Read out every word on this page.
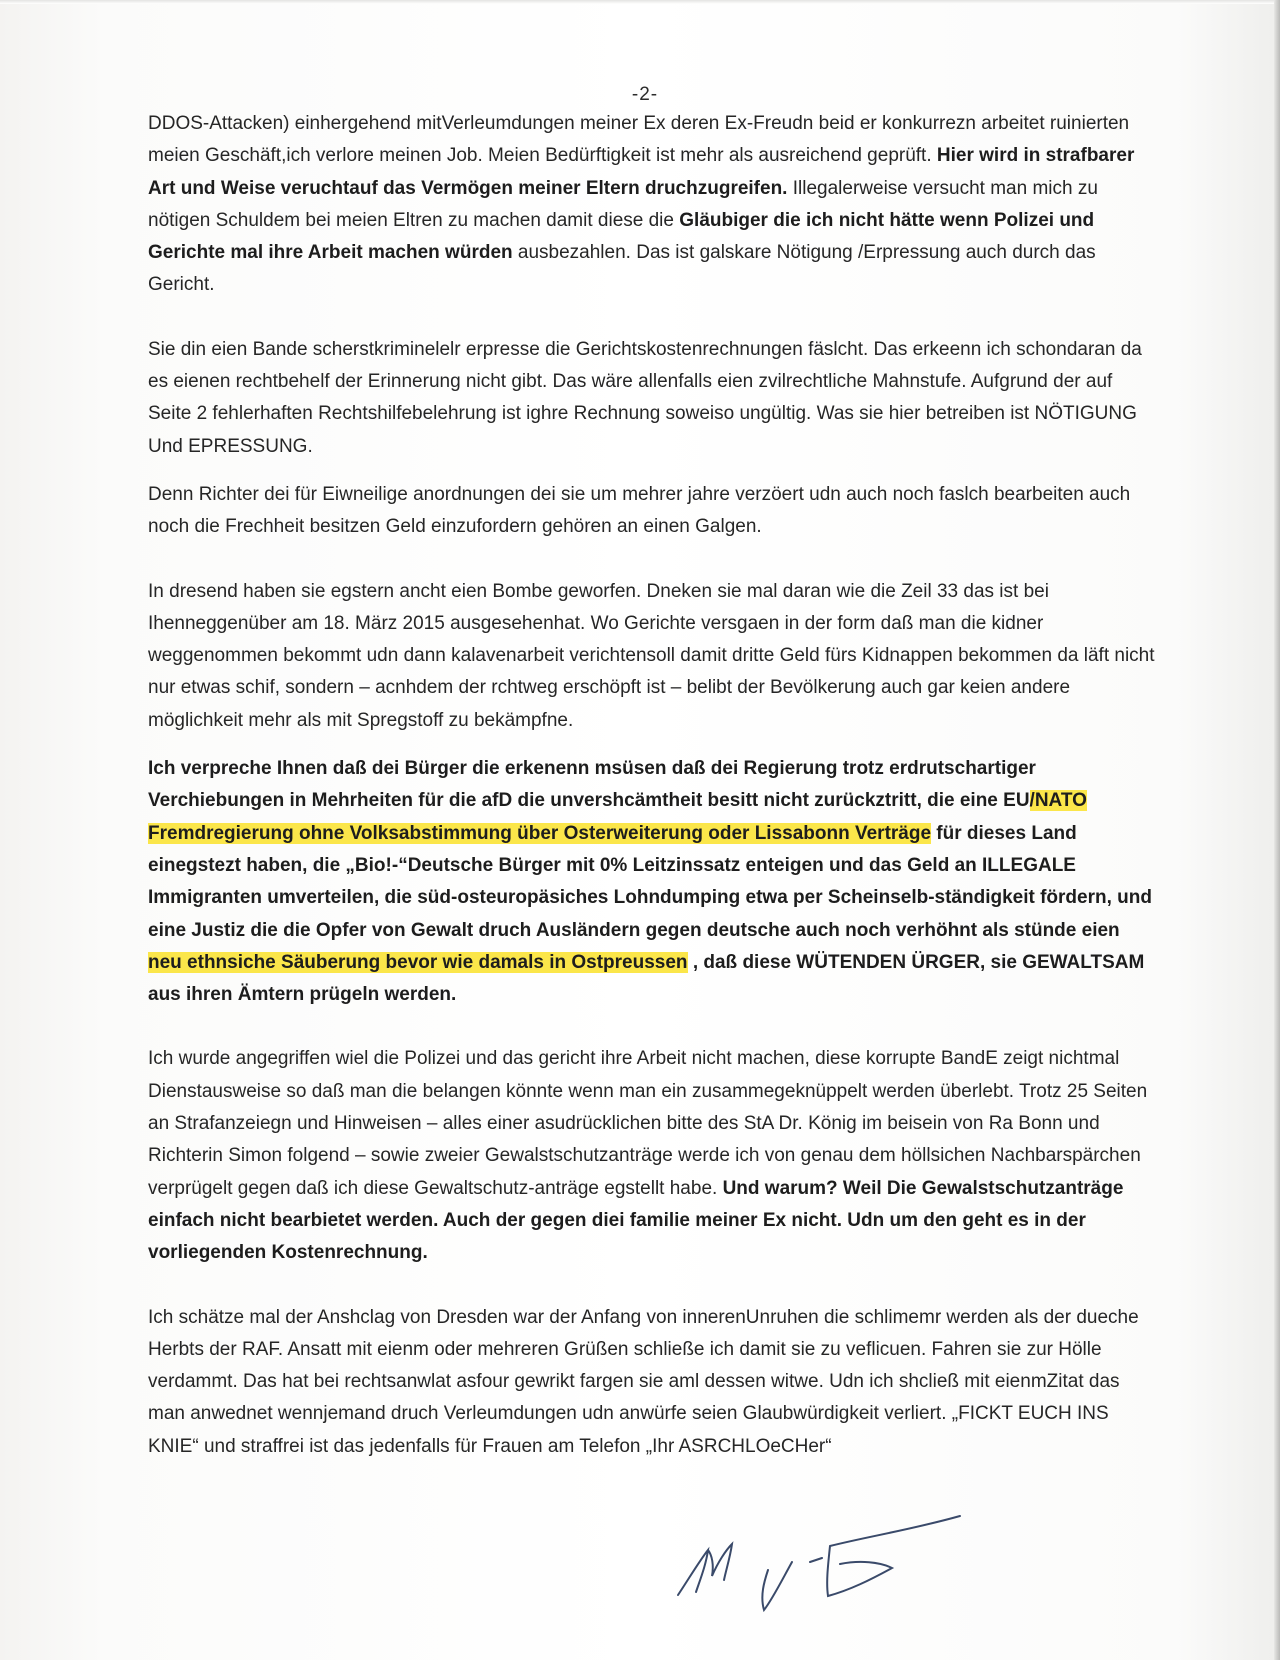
-2-

DDOS-Attacken) einhergehend mitVerleumdungen meiner Ex deren Ex-Freudn beid er konkurrezn arbeitet ruinierten meien Geschäft,ich verlore meinen Job. Meien Bedürftigkeit ist mehr als ausreichend geprüft. Hier wird in strafbarer Art und Weise veruchtauf das Vermögen meiner Eltern druchzugreifen. Illegalerweise versucht man mich zu nötigen Schuldem bei meien Eltren zu machen damit diese die Gläubiger die ich nicht hätte wenn Polizei und Gerichte mal ihre Arbeit machen würden ausbezahlen. Das ist galskare Nötigung /Erpressung auch durch das Gericht.

Sie din eien Bande scherstkriminelelr erpresse die Gerichtskostenrechnungen fäslcht. Das erkeenn ich schondaran da es eienen rechtbehelf der Erinnerung nicht gibt. Das wäre allenfalls eien zvilrechtliche Mahnstufe. Aufgrund der auf Seite 2 fehlerhaften Rechtshilfebelehrung ist ighre Rechnung soweiso ungültig. Was sie hier betreiben ist NÖTIGUNG Und EPRESSUNG.

Denn Richter dei für Eiwneilige anordnungen dei sie um mehrer jahre verzöert udn auch noch faslch bearbeiten auch noch die Frechheit besitzen Geld einzufordern gehören an einen Galgen.

In dresend haben sie egstern ancht eien Bombe geworfen. Dneken sie mal daran wie die Zeil 33 das ist bei Ihenneggenüber am 18. März 2015 ausgesehenhat. Wo Gerichte versgaen in der form daß man die kidner weggenommen bekommt udn dann kalavenarbeit verichtensoll damit dritte Geld fürs Kidnappen bekommen da läft nicht nur etwas schif, sondern – acnhdem der rchtweg erschöpft ist – belibt der Bevölkerung auch gar keien andere möglichkeit mehr als mit Spregstoff zu bekämpfne.

Ich verpreche Ihnen daß dei Bürger die erkenenn msüsen daß dei Regierung trotz erdrutschartiger Verchiebungen in Mehrheiten für die afD die unvershcämtheit besitt nicht zurückztritt, die eine EU/NATO Fremdregierung ohne Volksabstimmung über Osterweiterung oder Lissabonn Verträge für dieses Land einegstezt haben, die „Bio!-“Deutsche Bürger mit 0% Leitzinssatz enteigen und das Geld an ILLEGALE Immigranten umverteilen, die süd-osteuropäsiches Lohndumping etwa per Scheinselb-ständigkeit fördern, und eine Justiz die die Opfer von Gewalt druch Ausländern gegen deutsche auch noch verhöhnt als stünde eien neu ethnsiche Säuberung bevor wie damals in Ostpreussen , daß diese WÜTENDEN ÜRGER, sie GEWALTSAM aus ihren Ämtern prügeln werden.

Ich wurde angegriffen wiel die Polizei und das gericht ihre Arbeit nicht machen, diese korrupte BandE zeigt nichtmal Dienstausweise so daß man die belangen könnte wenn man ein zusammegeknüppelt werden überlebt. Trotz 25 Seiten an Strafanzeiegn und Hinweisen – alles einer asudrücklichen bitte des StA Dr. König im beisein von Ra Bonn und Richterin Simon folgend – sowie zweier Gewalstschutzanträge werde ich von genau dem höllsichen Nachbarspärchen verprügelt gegen daß ich diese Gewaltschutz-anträge egstellt habe. Und warum? Weil Die Gewalstschutzanträge einfach nicht bearbietet werden. Auch der gegen diei familie meiner Ex nicht. Udn um den geht es in der vorliegenden Kostenrechnung.

Ich schätze mal der Anshclag von Dresden war der Anfang von innerenUnruhen die schlimemr werden als der dueche Herbts der RAF. Ansatt mit eienm oder mehreren Grüßen schließe ich damit sie zu veflicuen. Fahren sie zur Hölle verdammt. Das hat bei rechtsanwlat asfour gewrikt fargen sie aml dessen witwe. Udn ich shcließ mit eienmZitat das man anwednet wennjemand druch Verleumdungen udn anwürfe seien Glaubwürdigkeit verliert. „FICKT EUCH INS KNIE“ und straffrei ist das jedenfalls für Frauen am Telefon „Ihr ASRCHLOeCHer“
